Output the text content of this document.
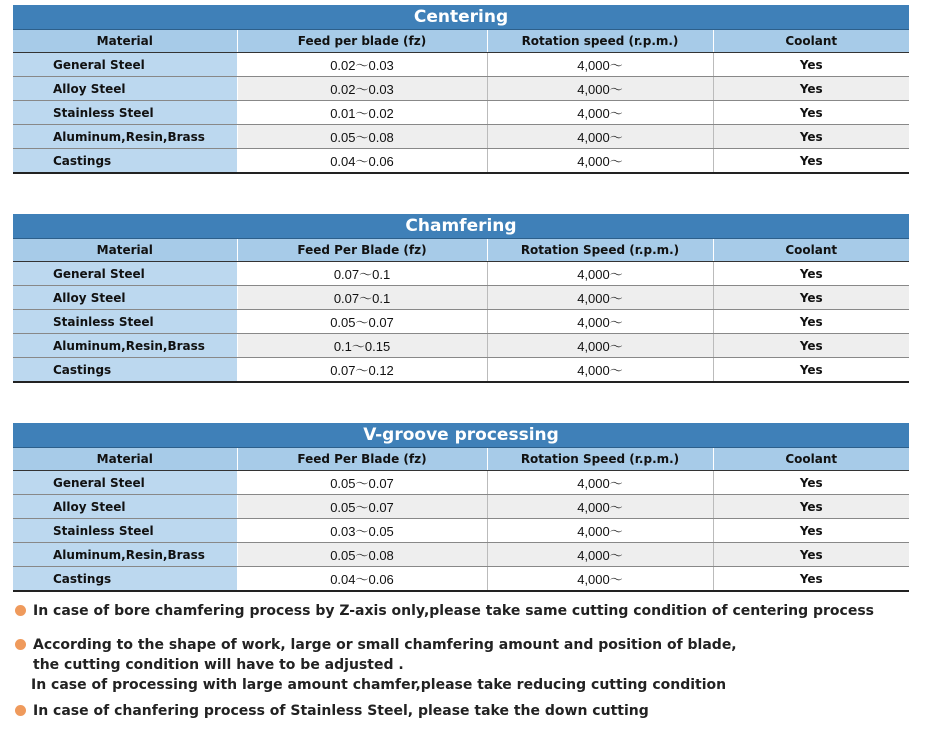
Centering
Material	Feed per blade (fz)	Rotation speed (r.p.m.)	Coolant
General Steel	0.02〜0.03	4,000〜	Yes
Alloy Steel	0.02〜0.03	4,000〜	Yes
Stainless Steel	0.01〜0.02	4,000〜	Yes
Aluminum,Resin,Brass	0.05〜0.08	4,000〜	Yes
Castings	0.04〜0.06	4,000〜	Yes
Chamfering
Material	Feed Per Blade (fz)	Rotation Speed (r.p.m.)	Coolant
General Steel	0.07〜0.1	4,000〜	Yes
Alloy Steel	0.07〜0.1	4,000〜	Yes
Stainless Steel	0.05〜0.07	4,000〜	Yes
Aluminum,Resin,Brass	0.1〜0.15	4,000〜	Yes
Castings	0.07〜0.12	4,000〜	Yes
V-groove processing
Material	Feed Per Blade (fz)	Rotation Speed (r.p.m.)	Coolant
General Steel	0.05〜0.07	4,000〜	Yes
Alloy Steel	0.05〜0.07	4,000〜	Yes
Stainless Steel	0.03〜0.05	4,000〜	Yes
Aluminum,Resin,Brass	0.05〜0.08	4,000〜	Yes
Castings	0.04〜0.06	4,000〜	Yes
In case of bore chamfering process by Z-axis only,please take same cutting condition of centering process
According to the shape of work, large or small chamfering amount and position of blade,
the cutting condition will have to be adjusted .
In case of processing with large amount chamfer,please take reducing cutting condition
In case of chanfering process of Stainless Steel, please take the down cutting
